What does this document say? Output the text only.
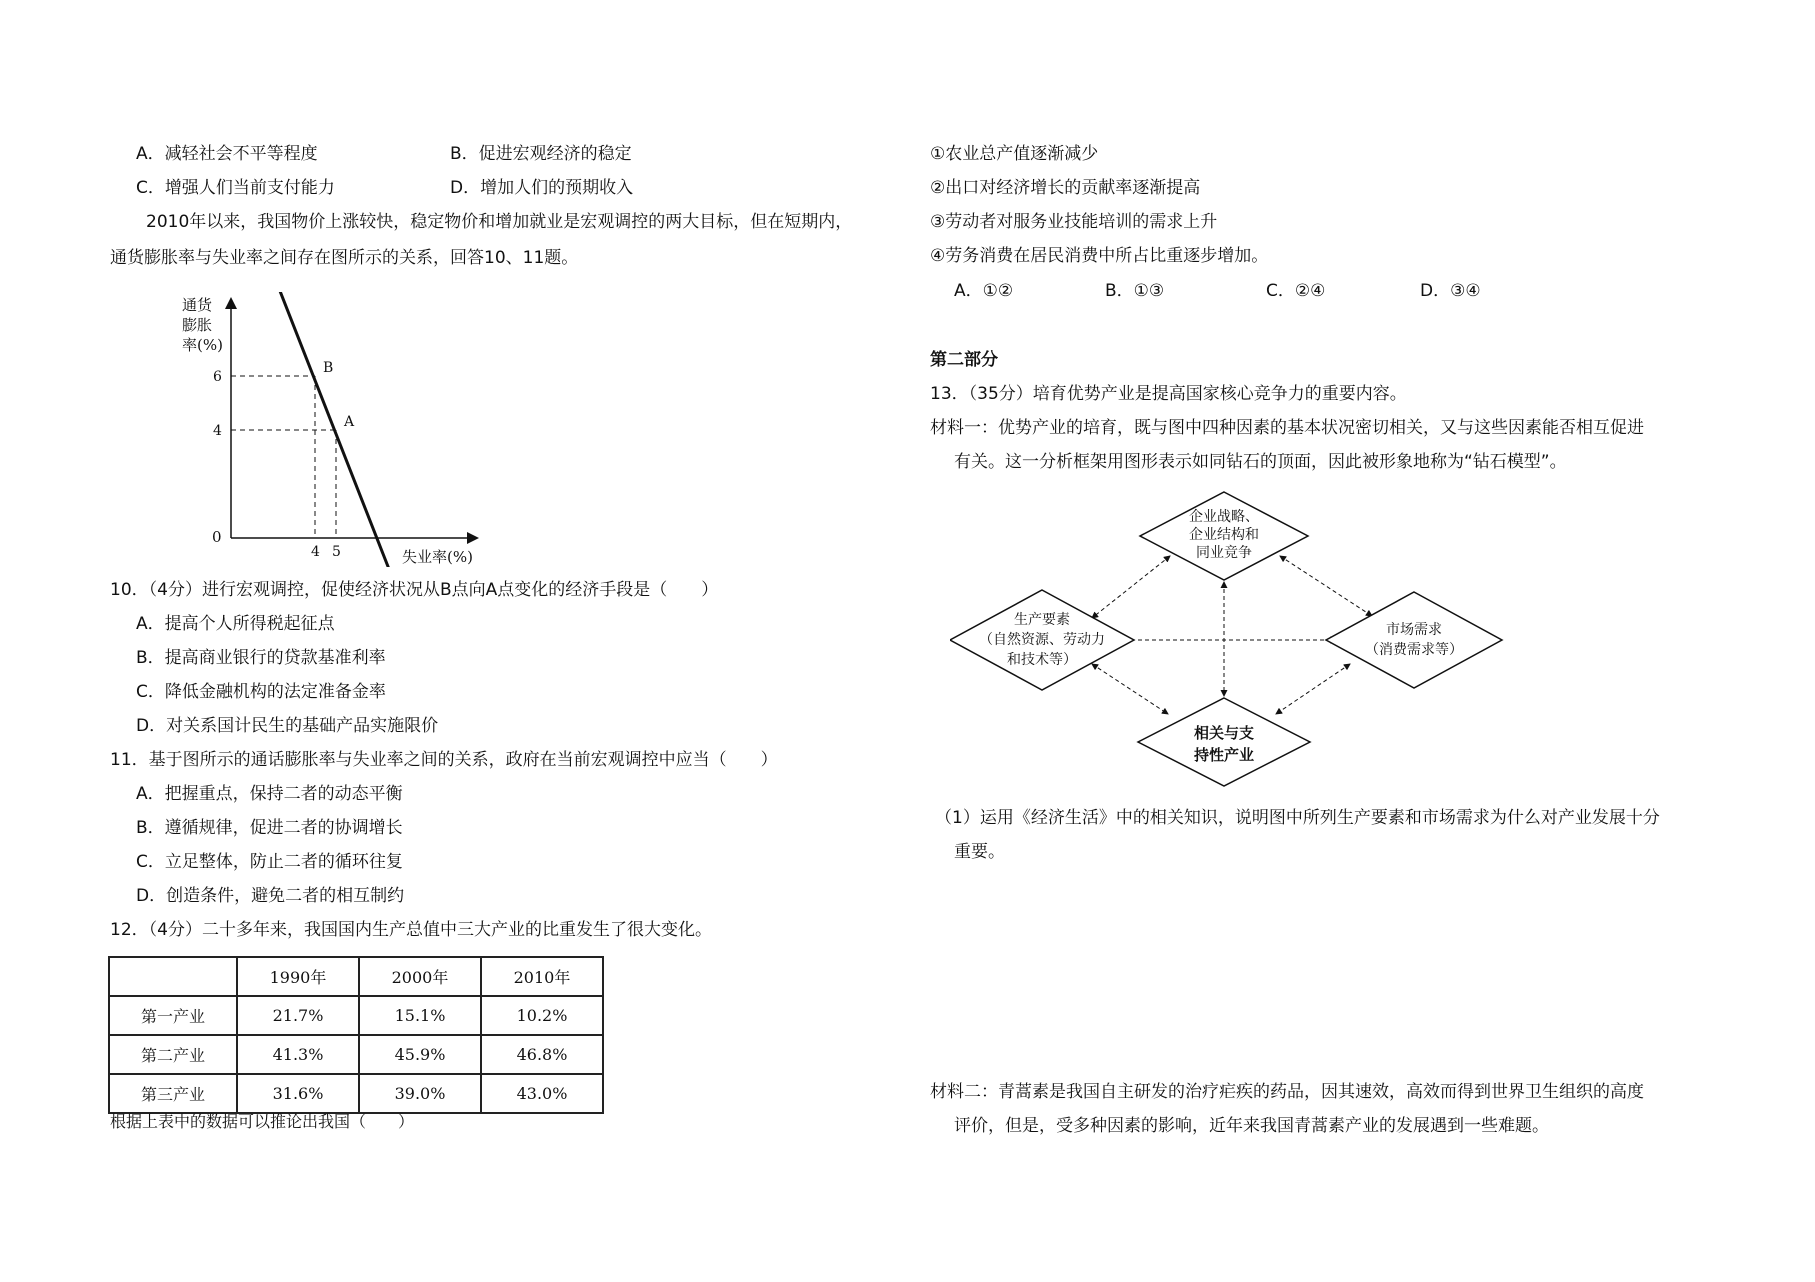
A．减轻社会不平等程度	B．促进宏观经济的稳定
C．增强人们当前支付能力	D．增加人们的预期收入
2010年以来，我国物价上涨较快，稳定物价和增加就业是宏观调控的两大目标，但在短期内，
通货膨胀率与失业率之间存在图所示的关系，回答10、11题。
通货
膨胀
率(%)
0
B
4
6
A
5
4
失业率(%)
10．（4分）进行宏观调控，促使经济状况从B点向A点变化的经济手段是（　　）
A．提高个人所得税起征点
B．提高商业银行的贷款基准利率
C．降低金融机构的法定准备金率
D．对关系国计民生的基础产品实施限价
11．基于图所示的通话膨胀率与失业率之间的关系，政府在当前宏观调控中应当（　　）
A．把握重点，保持二者的动态平衡
B．遵循规律，促进二者的协调增长
C．立足整体，防止二者的循环往复
D．创造条件，避免二者的相互制约
12．（4分）二十多年来，我国国内生产总值中三大产业的比重发生了很大变化。
	1990年	2000年	2010年
第一产业	21.7%	15.1%	10.2%
第二产业	41.3%	45.9%	46.8%
第三产业	31.6%	39.0%	43.0%
根据上表中的数据可以推论出我国（　　）
①农业总产值逐渐减少
②出口对经济增长的贡献率逐渐提高
③劳动者对服务业技能培训的需求上升
④劳务消费在居民消费中所占比重逐步增加。
A．①②	B．①③	C．②④	D．③④
第二部分
13．（35分）培育优势产业是提高国家核心竞争力的重要内容。
材料一：优势产业的培育，既与图中四种因素的基本状况密切相关，又与这些因素能否相互促进
有关。这一分析框架用图形表示如同钻石的顶面，因此被形象地称为“钻石模型”。
企业战略、
企业结构和
同业竞争
生产要素
（自然资源、劳动力
和技术等）
市场需求
（消费需求等）
相关与支
持性产业
（1）运用《经济生活》中的相关知识，说明图中所列生产要素和市场需求为什么对产业发展十分
重要。
材料二：青蒿素是我国自主研发的治疗疟疾的药品，因其速效，高效而得到世界卫生组织的高度
评价，但是，受多种因素的影响，近年来我国青蒿素产业的发展遇到一些难题。
